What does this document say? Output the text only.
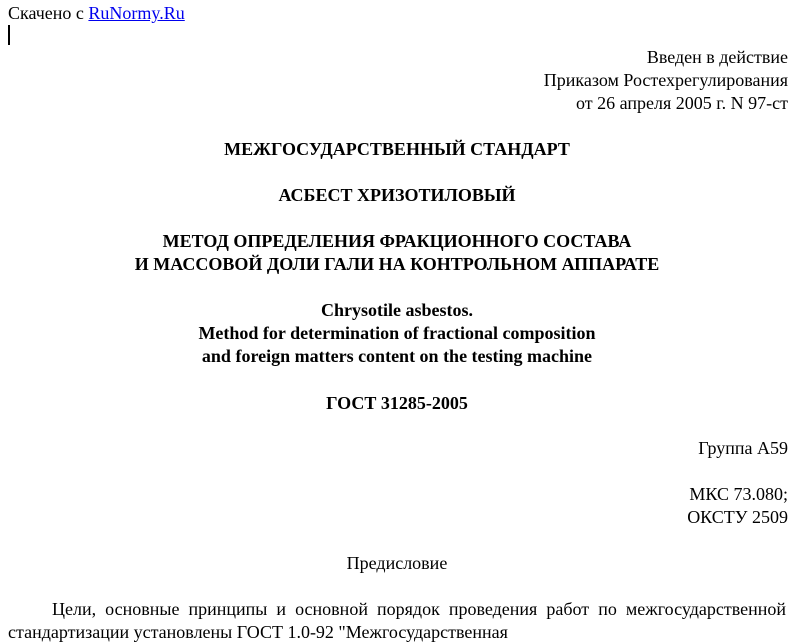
Скачено с RuNormy.Ru
Введен в действие
Приказом Ростехрегулирования
от 26 апреля 2005 г. N 97-ст
МЕЖГОСУДАРСТВЕННЫЙ СТАНДАРТ
АСБЕСТ ХРИЗОТИЛОВЫЙ
МЕТОД ОПРЕДЕЛЕНИЯ ФРАКЦИОННОГО СОСТАВА
И МАССОВОЙ ДОЛИ ГАЛИ НА КОНТРОЛЬНОМ АППАРАТЕ
Chrysotile asbestos.
Method for determination of fractional composition
and foreign matters content on the testing machine
ГОСТ 31285-2005
Группа А59
МКС 73.080;
ОКСТУ 2509
Предисловие
Цели, основные принципы и основной порядок проведения работ по межгосударственной стандартизации установлены ГОСТ 1.0-92 "Межгосударственная
